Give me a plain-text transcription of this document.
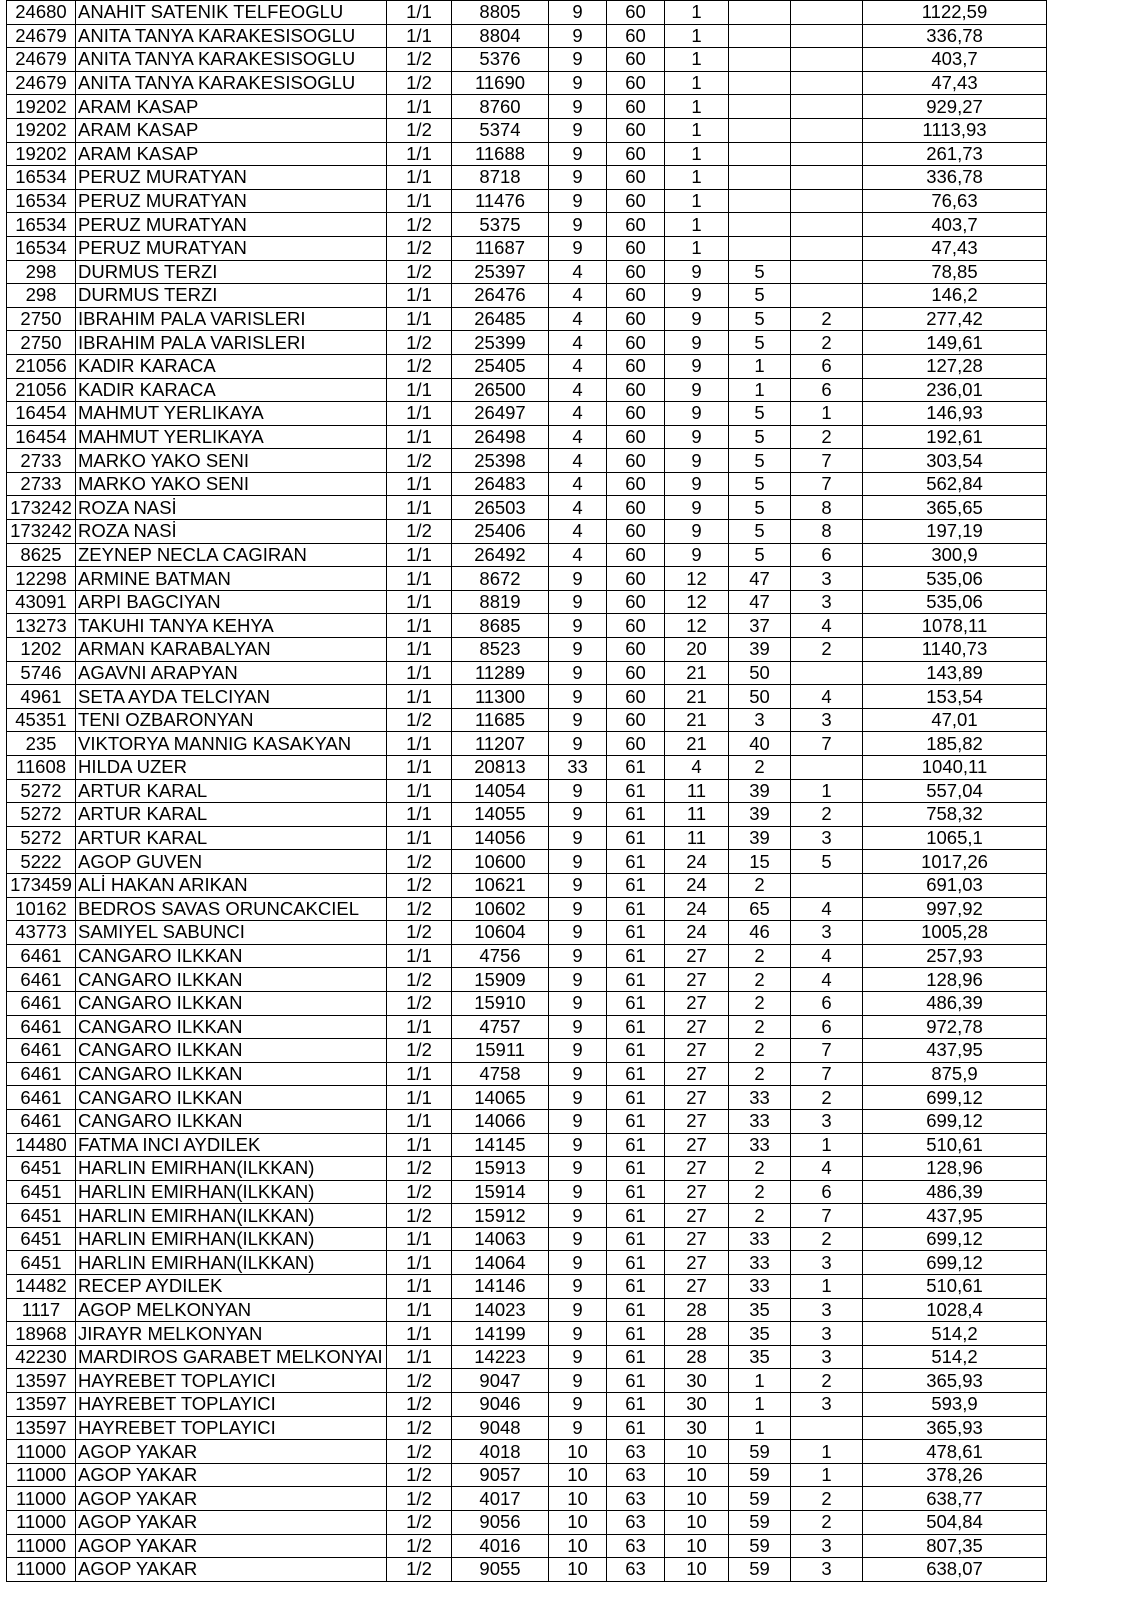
24680	ANAHIT SATENIK TELFEOGLU	1/1	8805	9	60	1			1122,59
24679	ANITA TANYA KARAKESISOGLU	1/1	8804	9	60	1			336,78
24679	ANITA TANYA KARAKESISOGLU	1/2	5376	9	60	1			403,7
24679	ANITA TANYA KARAKESISOGLU	1/2	11690	9	60	1			47,43
19202	ARAM KASAP	1/1	8760	9	60	1			929,27
19202	ARAM KASAP	1/2	5374	9	60	1			1113,93
19202	ARAM KASAP	1/1	11688	9	60	1			261,73
16534	PERUZ MURATYAN	1/1	8718	9	60	1			336,78
16534	PERUZ MURATYAN	1/1	11476	9	60	1			76,63
16534	PERUZ MURATYAN	1/2	5375	9	60	1			403,7
16534	PERUZ MURATYAN	1/2	11687	9	60	1			47,43
298	DURMUS TERZI	1/2	25397	4	60	9	5		78,85
298	DURMUS TERZI	1/1	26476	4	60	9	5		146,2
2750	IBRAHIM PALA VARISLERI	1/1	26485	4	60	9	5	2	277,42
2750	IBRAHIM PALA VARISLERI	1/2	25399	4	60	9	5	2	149,61
21056	KADIR KARACA	1/2	25405	4	60	9	1	6	127,28
21056	KADIR KARACA	1/1	26500	4	60	9	1	6	236,01
16454	MAHMUT YERLIKAYA	1/1	26497	4	60	9	5	1	146,93
16454	MAHMUT YERLIKAYA	1/1	26498	4	60	9	5	2	192,61
2733	MARKO YAKO SENI	1/2	25398	4	60	9	5	7	303,54
2733	MARKO YAKO SENI	1/1	26483	4	60	9	5	7	562,84
173242	ROZA NASİ	1/1	26503	4	60	9	5	8	365,65
173242	ROZA NASİ	1/2	25406	4	60	9	5	8	197,19
8625	ZEYNEP NECLA CAGIRAN	1/1	26492	4	60	9	5	6	300,9
12298	ARMINE BATMAN	1/1	8672	9	60	12	47	3	535,06
43091	ARPI BAGCIYAN	1/1	8819	9	60	12	47	3	535,06
13273	TAKUHI TANYA KEHYA	1/1	8685	9	60	12	37	4	1078,11
1202	ARMAN KARABALYAN	1/1	8523	9	60	20	39	2	1140,73
5746	AGAVNI ARAPYAN	1/1	11289	9	60	21	50		143,89
4961	SETA AYDA TELCIYAN	1/1	11300	9	60	21	50	4	153,54
45351	TENI OZBARONYAN	1/2	11685	9	60	21	3	3	47,01
235	VIKTORYA MANNIG KASAKYAN	1/1	11207	9	60	21	40	7	185,82
11608	HILDA UZER	1/1	20813	33	61	4	2		1040,11
5272	ARTUR KARAL	1/1	14054	9	61	11	39	1	557,04
5272	ARTUR KARAL	1/1	14055	9	61	11	39	2	758,32
5272	ARTUR KARAL	1/1	14056	9	61	11	39	3	1065,1
5222	AGOP GUVEN	1/2	10600	9	61	24	15	5	1017,26
173459	ALİ HAKAN ARIKAN	1/2	10621	9	61	24	2		691,03
10162	BEDROS SAVAS ORUNCAKCIEL	1/2	10602	9	61	24	65	4	997,92
43773	SAMIYEL SABUNCI	1/2	10604	9	61	24	46	3	1005,28
6461	CANGARO ILKKAN	1/1	4756	9	61	27	2	4	257,93
6461	CANGARO ILKKAN	1/2	15909	9	61	27	2	4	128,96
6461	CANGARO ILKKAN	1/2	15910	9	61	27	2	6	486,39
6461	CANGARO ILKKAN	1/1	4757	9	61	27	2	6	972,78
6461	CANGARO ILKKAN	1/2	15911	9	61	27	2	7	437,95
6461	CANGARO ILKKAN	1/1	4758	9	61	27	2	7	875,9
6461	CANGARO ILKKAN	1/1	14065	9	61	27	33	2	699,12
6461	CANGARO ILKKAN	1/1	14066	9	61	27	33	3	699,12
14480	FATMA INCI AYDILEK	1/1	14145	9	61	27	33	1	510,61
6451	HARLIN EMIRHAN(ILKKAN)	1/2	15913	9	61	27	2	4	128,96
6451	HARLIN EMIRHAN(ILKKAN)	1/2	15914	9	61	27	2	6	486,39
6451	HARLIN EMIRHAN(ILKKAN)	1/2	15912	9	61	27	2	7	437,95
6451	HARLIN EMIRHAN(ILKKAN)	1/1	14063	9	61	27	33	2	699,12
6451	HARLIN EMIRHAN(ILKKAN)	1/1	14064	9	61	27	33	3	699,12
14482	RECEP AYDILEK	1/1	14146	9	61	27	33	1	510,61
1117	AGOP MELKONYAN	1/1	14023	9	61	28	35	3	1028,4
18968	JIRAYR MELKONYAN	1/1	14199	9	61	28	35	3	514,2
42230	MARDIROS GARABET MELKONYAI	1/1	14223	9	61	28	35	3	514,2
13597	HAYREBET TOPLAYICI	1/2	9047	9	61	30	1	2	365,93
13597	HAYREBET TOPLAYICI	1/2	9046	9	61	30	1	3	593,9
13597	HAYREBET TOPLAYICI	1/2	9048	9	61	30	1		365,93
11000	AGOP YAKAR	1/2	4018	10	63	10	59	1	478,61
11000	AGOP YAKAR	1/2	9057	10	63	10	59	1	378,26
11000	AGOP YAKAR	1/2	4017	10	63	10	59	2	638,77
11000	AGOP YAKAR	1/2	9056	10	63	10	59	2	504,84
11000	AGOP YAKAR	1/2	4016	10	63	10	59	3	807,35
11000	AGOP YAKAR	1/2	9055	10	63	10	59	3	638,07
